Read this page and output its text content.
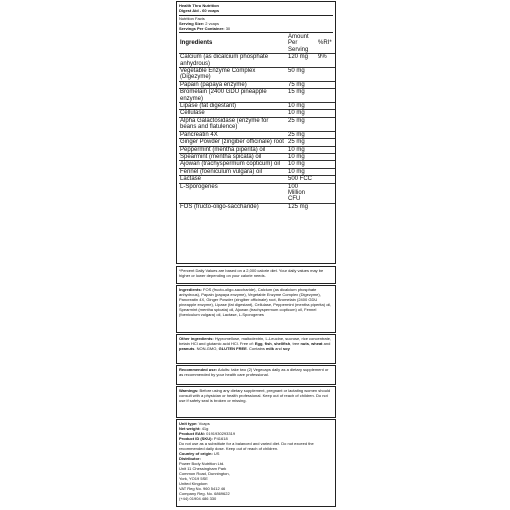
Health Thru Nutrition
Digest Aid - 60 vcaps
Nutrition Facts
Serving Size: 2 vcaps
Servings Per Container: 30
Ingredients	Amount Per Serving	%RI*
Calcium (as dicalcium phosphate anhydrous)	120 mg	9%
Vegetable Enzyme Complex (Digezyme)	50 mg	
Papain (papaya enzyme)	75 mg	
Bromelain (2400 GDU pineapple enzyme)	15 mg	
Lipase (fat digestant)	10 mg	
Cellulase	10 mg	
Alpha Galactosidase (enzyme for beans and flatulence)	25 mg	
Pancreatin 4X	25 mg	
Ginger Powder (zingiber officinale) root	25 mg	
Peppermint (mentha piperita) oil	10 mg	
Spearmint (mentha spicata) oil	10 mg	
Ajowan (trachyspermum copticum) oil	10 mg	
Fennel (foeniculum vulgara) oil	10 mg	
Lactase	500 FCC	
L-Sporogenes	100 Million CFU	
FOS (fructo-oligo-saccharide)	125 mg	
*Percent Daily Values are based on a 2,000 calorie diet. Your daily values may be higher or lower depending on your calorie needs.

Ingredients: FOS (fructo-oligo-saccharide), Calcium (as dicalcium phosphate anhydrous), Papain (papaya enzyme), Vegetable Enzyme Complex (Digezyme), Pancreatin 4X, Ginger Powder (zingiber officinale) root, Bromelain (2400 GDU pineapple enzyme), Lipase (fat digestant), Cellulase, Peppermint (mentha piperita) oil, Spearmint (mentha spicata) oil, Ajowan (trachyspermum copticum) oil, Fennel (foeniculum vulgara) oil, Lactase, L-Sporogenes

Other ingredients: Hypromellose, maltodextrin, L-Leucine, sucrose, rice concentrate, betain HCl and glutamic acid HCl. Free of: Egg, fish, shellfish, tree nuts, wheat and peanuts. NON-GMO, GLUTEN FREE. Contains milk and soy

Recommended use: Adults: take two (2) Vegecaps daily as a dietary supplement or as recommended by your health care professional.

Warnings: Before using any dietary supplement, pregnant or lactating women should consult with a physician or health professional. Keep out of reach of children. Do not use if safety seal is broken or missing.

Unit type: Vcaps
Net weight: 41g
Product EAN: 0191930293319
Product ID (SKU): P41618
Do not use as a substitute for a balanced and varied diet. Do not exceed the recommended daily dose. Keep out of reach of children.
Country of origin: US
Distributor:
Power Body Nutrition Ltd.
Unit 11 Chessingham Park
Common Road, Dunnington,
York, YO19 5SE
United Kingdom
VAT Reg No. 960 5412 46
Company Reg. No. 6869622
(+44) 01904 486 330
